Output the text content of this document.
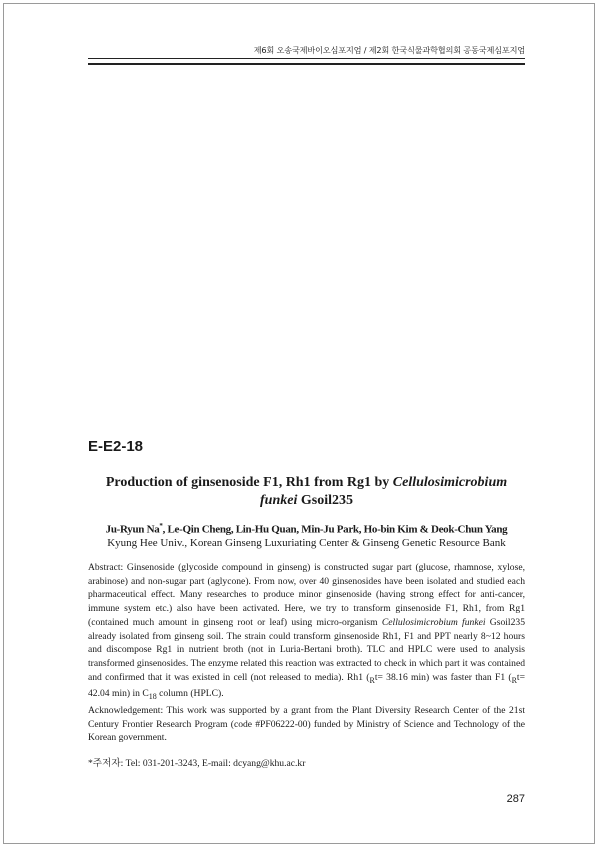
제6회 오송국제바이오심포지엄 / 제2회 한국식물과학협의회 공동국제심포지엄
E-E2-18
Production of ginsenoside F1, Rh1 from Rg1 by Cellulosimicrobium
funkei Gsoil235
Ju-Ryun Na*, Le-Qin Cheng, Lin-Hu Quan, Min-Ju Park, Ho-bin Kim & Deok-Chun Yang
Kyung Hee Univ., Korean Ginseng Luxuriating Center & Ginseng Genetic Resource Bank

Abstract: Ginsenoside (glycoside compound in ginseng) is constructed sugar part (glucose, rhamnose, xylose, arabinose) and non-sugar part (aglycone). From now, over 40 ginsenosides have been isolated and studied each pharmaceutical effect. Many researches to produce minor ginsenoside (having strong effect for anti-cancer, immune system etc.) also have been activated. Here, we try to transform ginsenoside F1, Rh1, from Rg1 (contained much amount in ginseng root or leaf) using micro-organism Cellulosimicrobium funkei Gsoil235 already isolated from ginseng soil. The strain could transform ginsenoside Rh1, F1 and PPT nearly 8~12 hours and discompose Rg1 in nutrient broth (not in Luria-Bertani broth). TLC and HPLC were used to analysis transformed ginsenosides. The enzyme related this reaction was extracted to check in which part it was contained and confirmed that it was existed in cell (not released to media). Rh1 ($_Rt= 38.16$ min) was faster than F1 ($_Rt= 42.04$ min) in $C_{18}$ column (HPLC).

Acknowledgement: This work was supported by a grant from the Plant Diversity Research Center of the 21st Century Frontier Research Program (code #PF06222-00) funded by Ministry of Science and Technology of the Korean government.

*주저자: Tel: 031-201-3243, E-mail: dcyang@khu.ac.kr
287
